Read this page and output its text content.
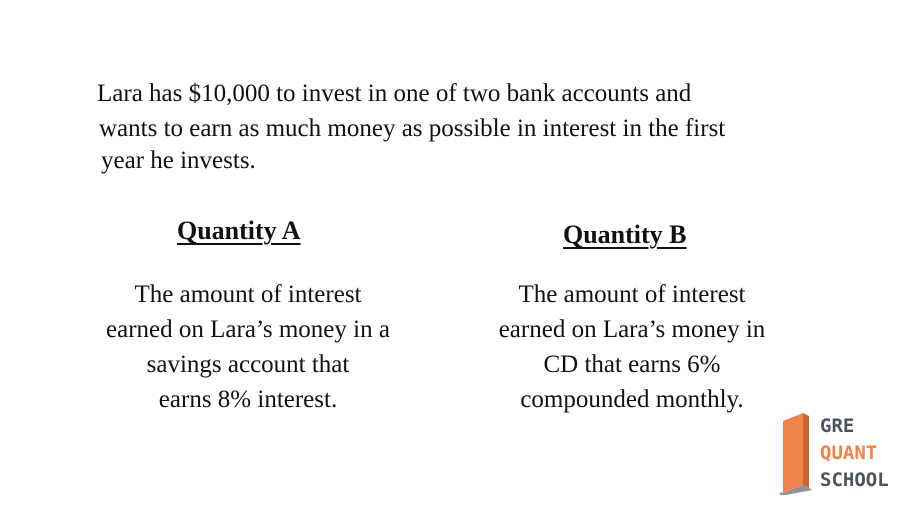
Lara has $10,000 to invest in one of two bank accounts and
wants to earn as much money as possible in interest in the first
year he invests.
Quantity A	Quantity B
The amount of interest
earned on Lara’s money in a
savings account that
earns 8% interest.
The amount of interest
earned on Lara’s money in
CD that earns 6%
compounded monthly.
GRE
QUANT
SCHOOL
